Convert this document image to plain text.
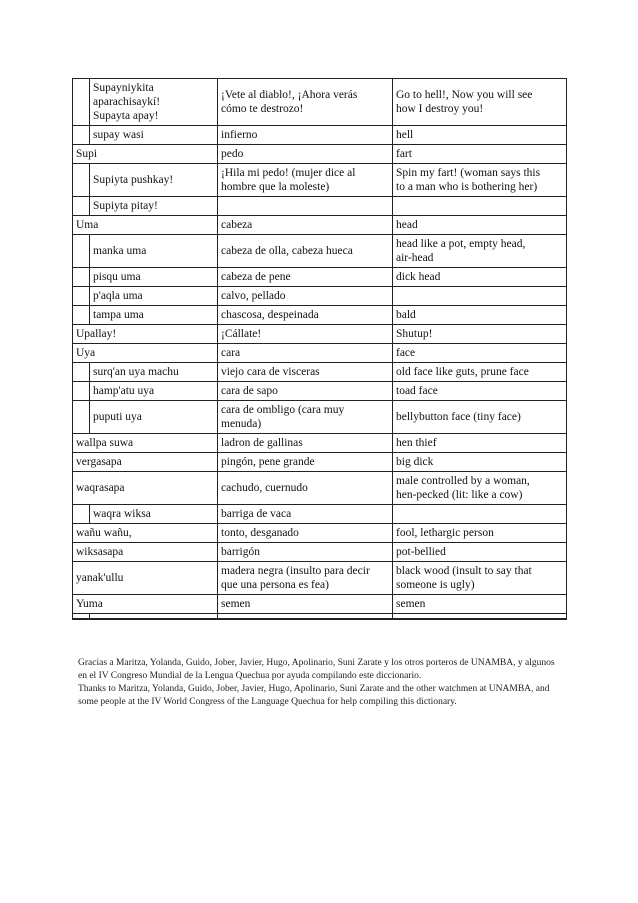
	Supayniykita
aparachisaykí!
Supayta apay!	¡Vete al diablo!, ¡Ahora verás
cómo te destrozo!	Go to hell!, Now you will see
how I destroy you!
	supay wasi	infierno	hell
Supi		pedo	fart
	Supiyta pushkay!	¡Hila mi pedo! (mujer dice al
hombre que la moleste)	Spin my fart! (woman says this
to a man who is bothering her)
	Supiyta pitay!		
Uma		cabeza	head
	manka uma	cabeza de olla, cabeza hueca	head like a pot, empty head,
air-head
	pisqu uma	cabeza de pene	dick head
	p'aqla uma	calvo, pellado	
	tampa uma	chascosa, despeinada	bald
Upallay!		¡Cállate!	Shutup!
Uya		cara	face
	surq'an uya machu	viejo cara de visceras	old face like guts, prune face
	hamp'atu uya	cara de sapo	toad face
	puputi uya	cara de ombligo (cara muy
menuda)	bellybutton face (tiny face)
wallpa suwa		ladron de gallinas	hen thief
vergasapa		pingón, pene grande	big dick
waqrasapa		cachudo, cuernudo	male controlled by a woman,
hen-pecked (lit: like a cow)
	waqra wiksa	barriga de vaca	
wañu wañu,		tonto, desganado	fool, lethargic person
wiksasapa		barrigón	pot-bellied
yanak'ullu		madera negra (insulto para decir
que una persona es fea)	black wood (insult to say that
someone is ugly)
Yuma		semen	semen

Gracias a Maritza, Yolanda, Guido, Jober, Javier, Hugo, Apolinario, Suni Zarate y los otros porteros de UNAMBA, y algunos en el IV Congreso Mundial de la Lengua Quechua por ayuda compilando este diccionario.

Thanks to Maritza, Yolanda, Guido, Jober, Javier, Hugo, Apolinario, Suni Zarate and the other watchmen at UNAMBA, and some people at the IV World Congress of the Language Quechua for help compiling this dictionary.
